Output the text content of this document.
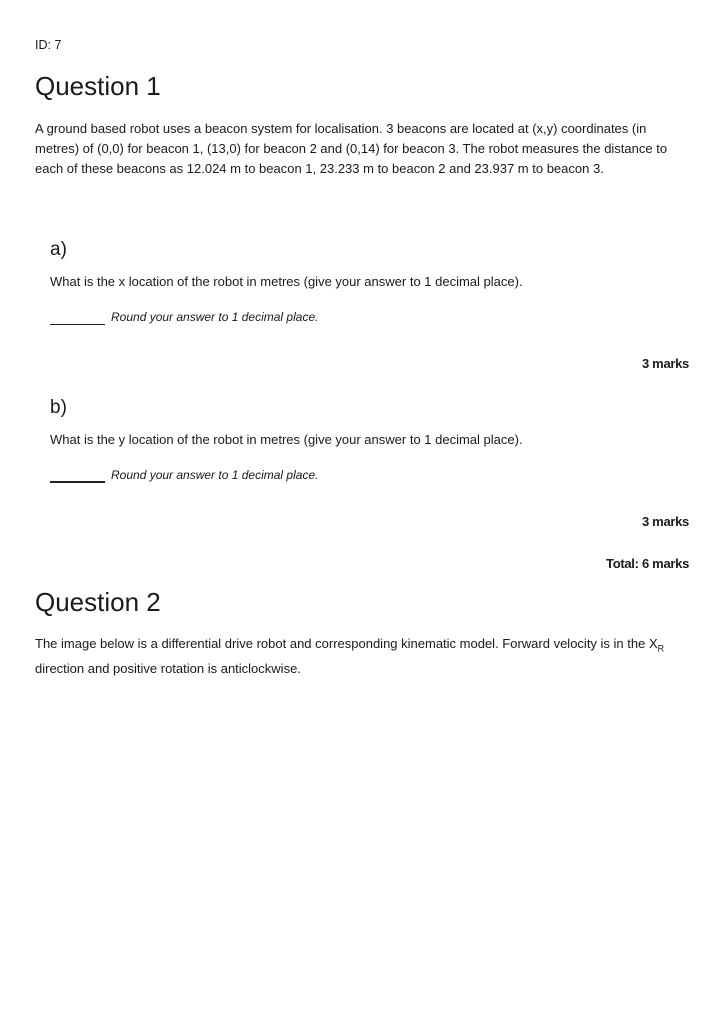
ID: 7
Question 1

A ground based robot uses a beacon system for localisation. 3 beacons are located at (x,y) coordinates (in metres) of (0,0) for beacon 1, (13,0) for beacon 2 and (0,14) for beacon 3. The robot measures the distance to each of these beacons as 12.024 m to beacon 1, 23.233 m to beacon 2 and 23.937 m to beacon 3.

a)
What is the x location of the robot in metres (give your answer to 1 decimal place).
Round your answer to 1 decimal place.
3 marks
b)
What is the y location of the robot in metres (give your answer to 1 decimal place).
Round your answer to 1 decimal place.
3 marks
Total: 6 marks
Question 2

The image below is a differential drive robot and corresponding kinematic model. Forward velocity is in the $X_R$ direction and positive rotation is anticlockwise.
